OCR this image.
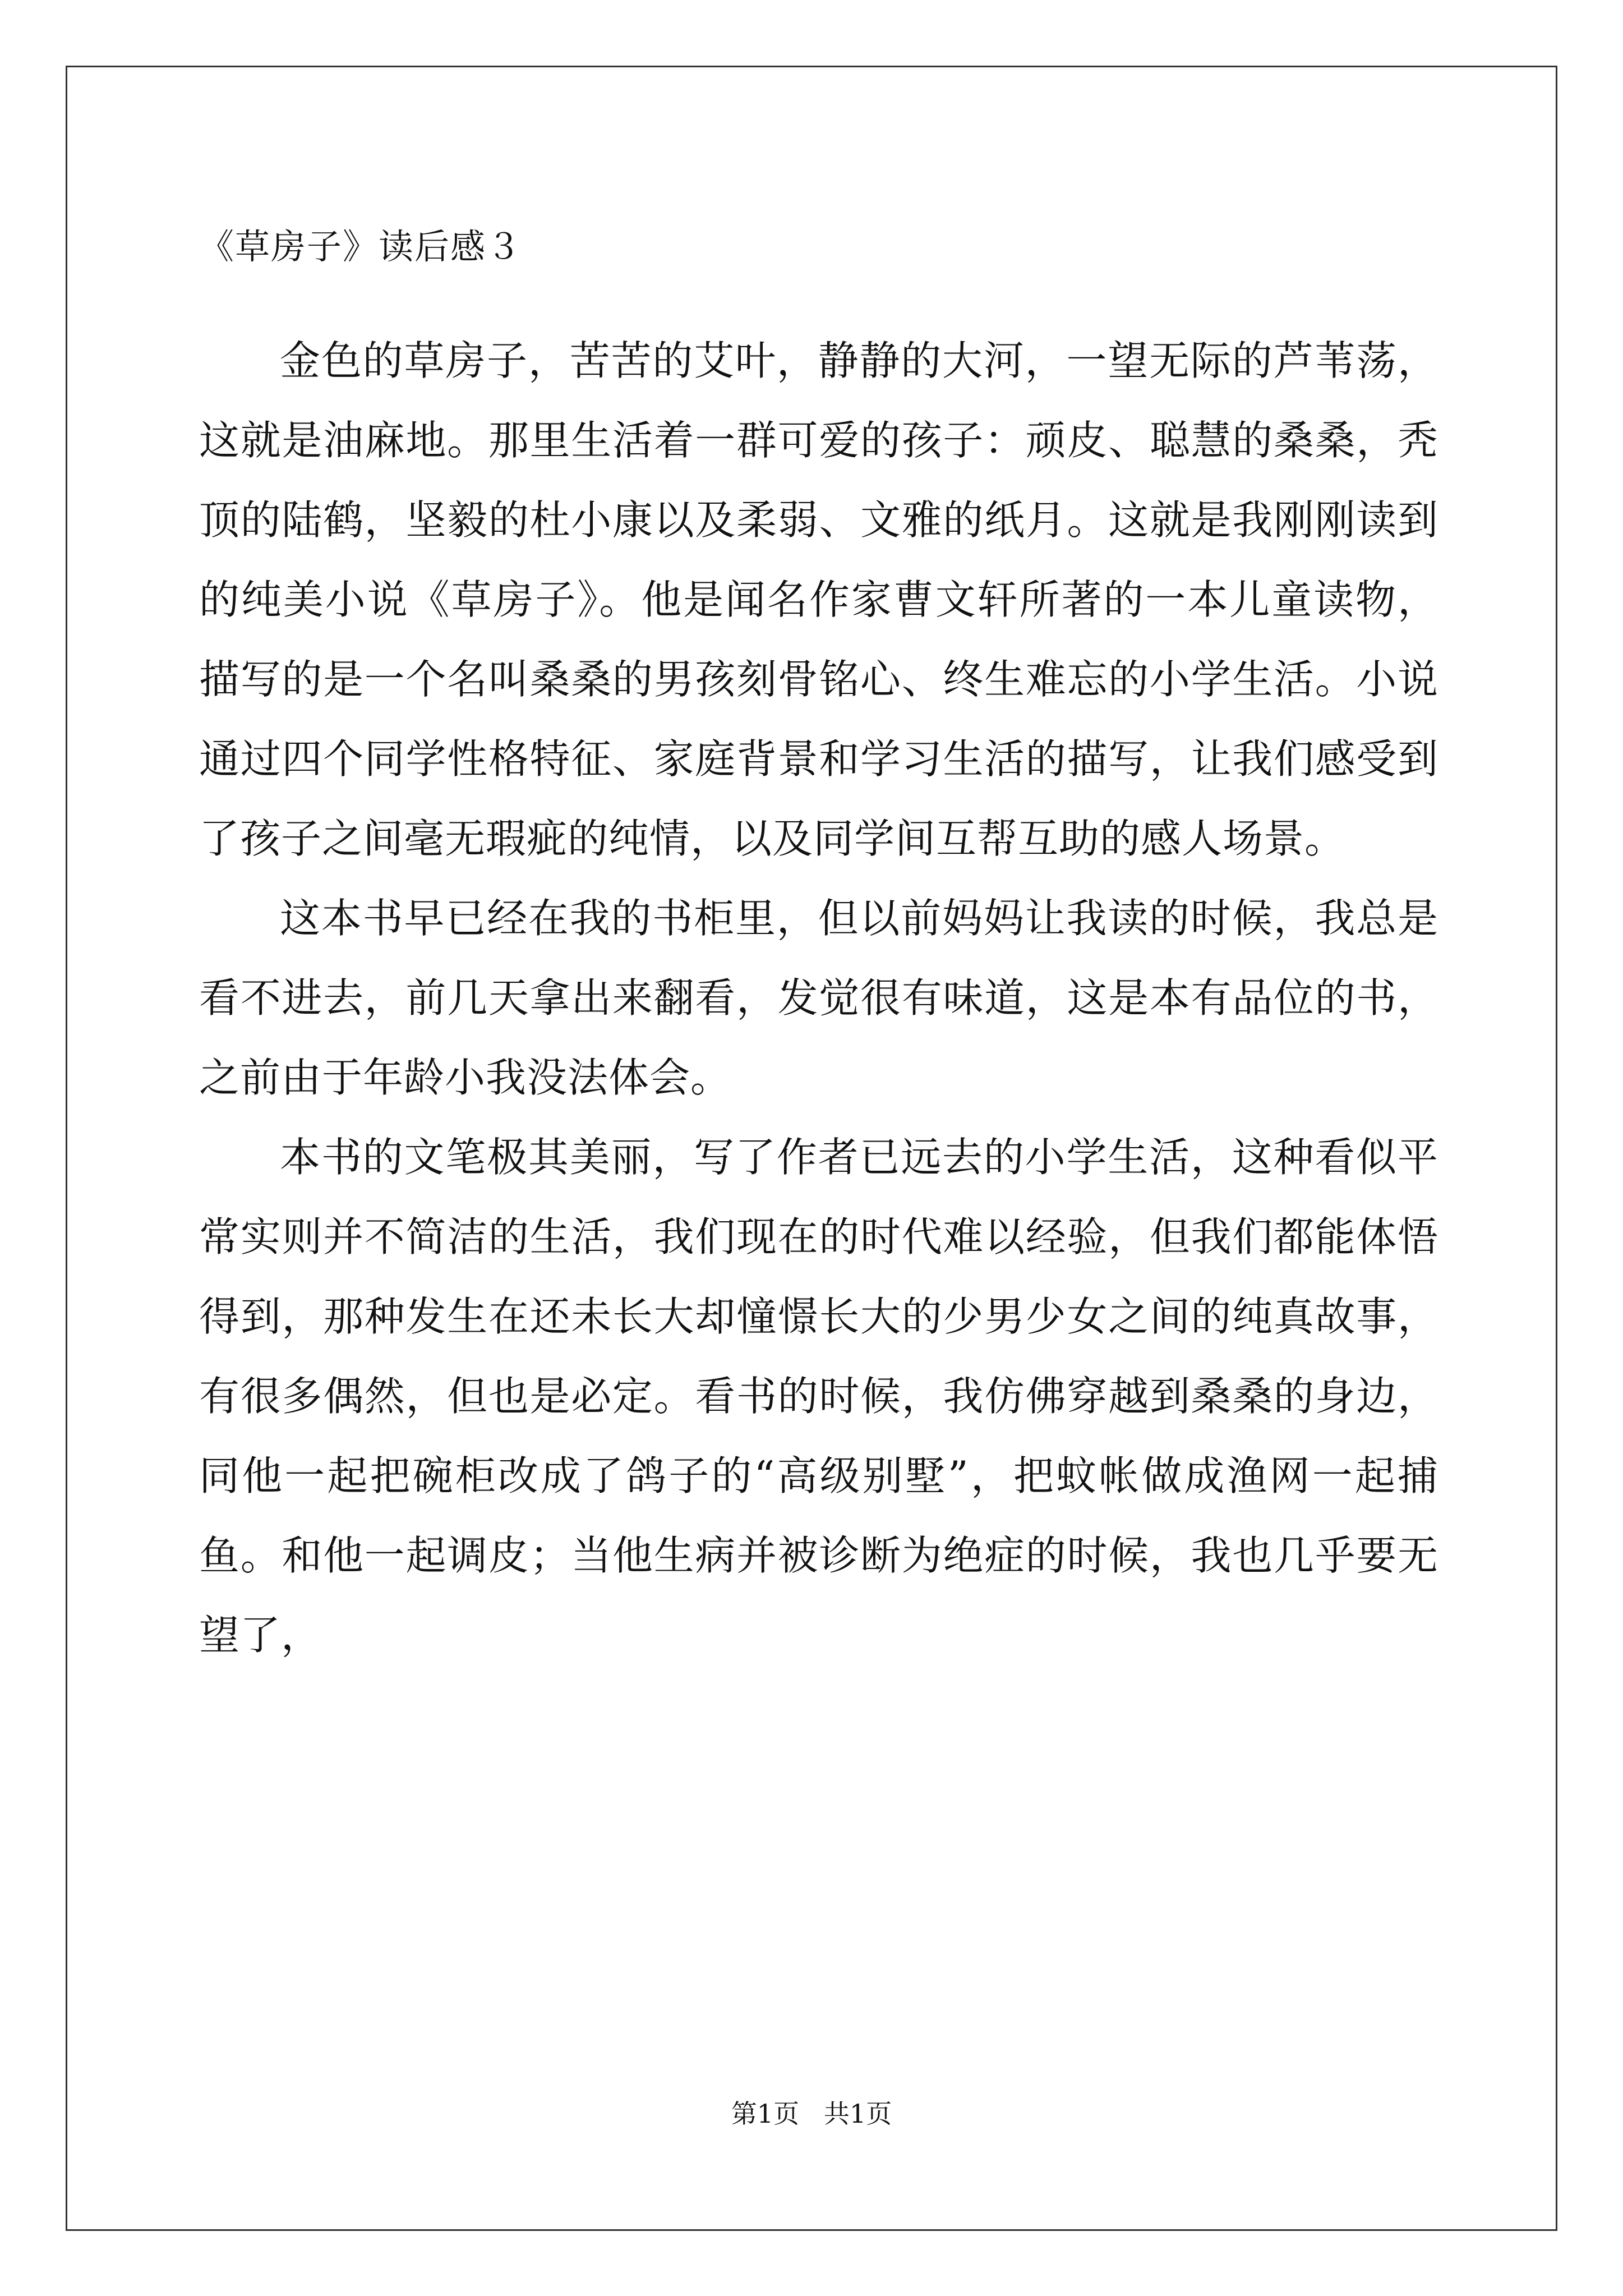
《草房子》读后感３

金色的草房子，苦苦的艾叶，静静的大河，一望无际的芦苇荡，这就是油麻地。那里生活着一群可爱的孩子：顽皮、聪慧的桑桑，秃顶的陆鹤，坚毅的杜小康以及柔弱、文雅的纸月。这就是我刚刚读到的纯美小说《草房子》。他是闻名作家曹文轩所著的一本儿童读物，描写的是一个名叫桑桑的男孩刻骨铭心、终生难忘的小学生活。小说通过四个同学性格特征、家庭背景和学习生活的描写，让我们感受到了孩子之间毫无瑕疵的纯情，以及同学间互帮互助的感人场景。

这本书早已经在我的书柜里，但以前妈妈让我读的时候，我总是看不进去，前几天拿出来翻看，发觉很有味道，这是本有品位的书，之前由于年龄小我没法体会。

本书的文笔极其美丽，写了作者已远去的小学生活，这种看似平常实则并不简洁的生活，我们现在的时代难以经验，但我们都能体悟得到，那种发生在还未长大却憧憬长大的少男少女之间的纯真故事，有很多偶然，但也是必定。看书的时候，我仿佛穿越到桑桑的身边，同他一起把碗柜改成了鸽子的“高级别墅”，把蚊帐做成渔网一起捕鱼。和他一起调皮；当他生病并被诊断为绝症的时候，我也几乎要无望了，

第1页   共1页
